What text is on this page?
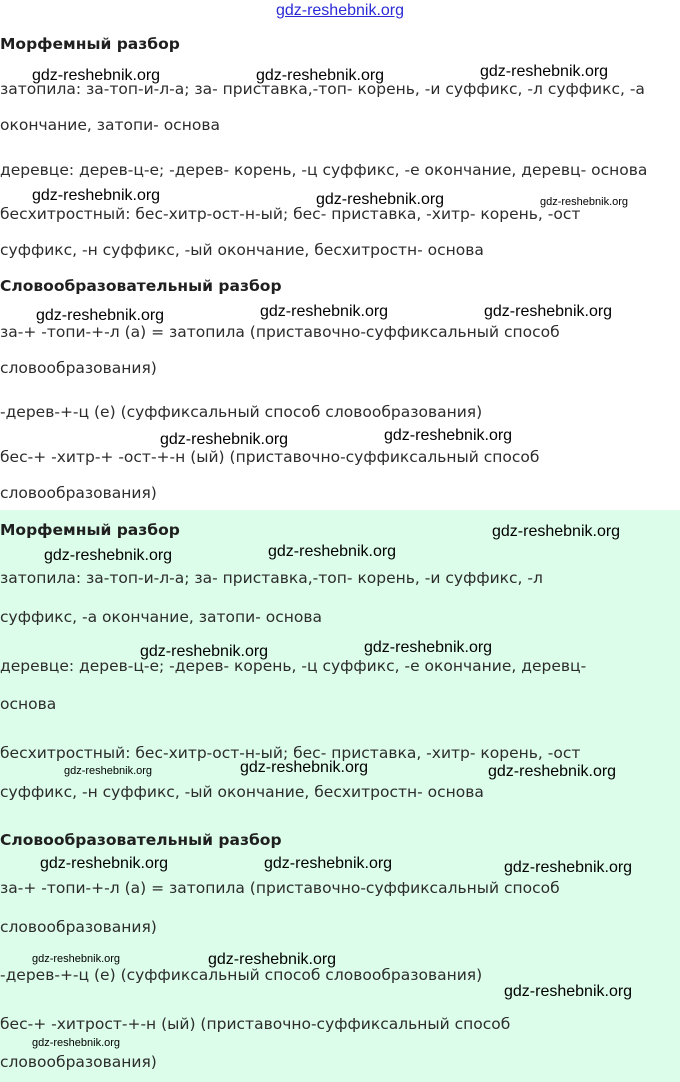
gdz-reshebnik.org
Морфемный разбор
затопила: за-топ-и-л-а; за- приставка,-топ- корень, -и суффикс, -л суффикс, -а
окончание, затопи- основа
деревце: дерев-ц-е; -дерев- корень, -ц суффикс, -е окончание, деревц- основа
бесхитростный: бес-хитр-ост-н-ый; бес- приставка, -хитр- корень, -ост
суффикс, -н суффикс, -ый окончание, бесхитростн- основа
Словообразовательный разбор
за-+ -топи-+-л (а) = затопила (приставочно-суффиксальный способ
словообразования)
-дерев-+-ц (е) (суффиксальный способ словообразования)
бес-+ -хитр-+ -ост-+-н (ый) (приставочно-суффиксальный способ
словообразования)
Морфемный разбор
затопила: за-топ-и-л-а; за- приставка,-топ- корень, -и суффикс, -л
суффикс, -а окончание, затопи- основа
деревце: дерев-ц-е; -дерев- корень, -ц суффикс, -е окончание, деревц-
основа
бесхитростный: бес-хитр-ост-н-ый; бес- приставка, -хитр- корень, -ост
суффикс, -н суффикс, -ый окончание, бесхитростн- основа
Словообразовательный разбор
за-+ -топи-+-л (а) = затопила (приставочно-суффиксальный способ
словообразования)
-дерев-+-ц (е) (суффиксальный способ словообразования)
бес-+ -хитрост-+-н (ый) (приставочно-суффиксальный способ
словообразования)
gdz-reshebnik.org	gdz-reshebnik.org	gdz-reshebnik.org
gdz-reshebnik.org	gdz-reshebnik.org	gdz-reshebnik.org
gdz-reshebnik.org	gdz-reshebnik.org	gdz-reshebnik.org
gdz-reshebnik.org	gdz-reshebnik.org
gdz-reshebnik.org
gdz-reshebnik.org	gdz-reshebnik.org
gdz-reshebnik.org	gdz-reshebnik.org
gdz-reshebnik.org	gdz-reshebnik.org	gdz-reshebnik.org
gdz-reshebnik.org	gdz-reshebnik.org	gdz-reshebnik.org
gdz-reshebnik.org	gdz-reshebnik.org
gdz-reshebnik.org
gdz-reshebnik.org
